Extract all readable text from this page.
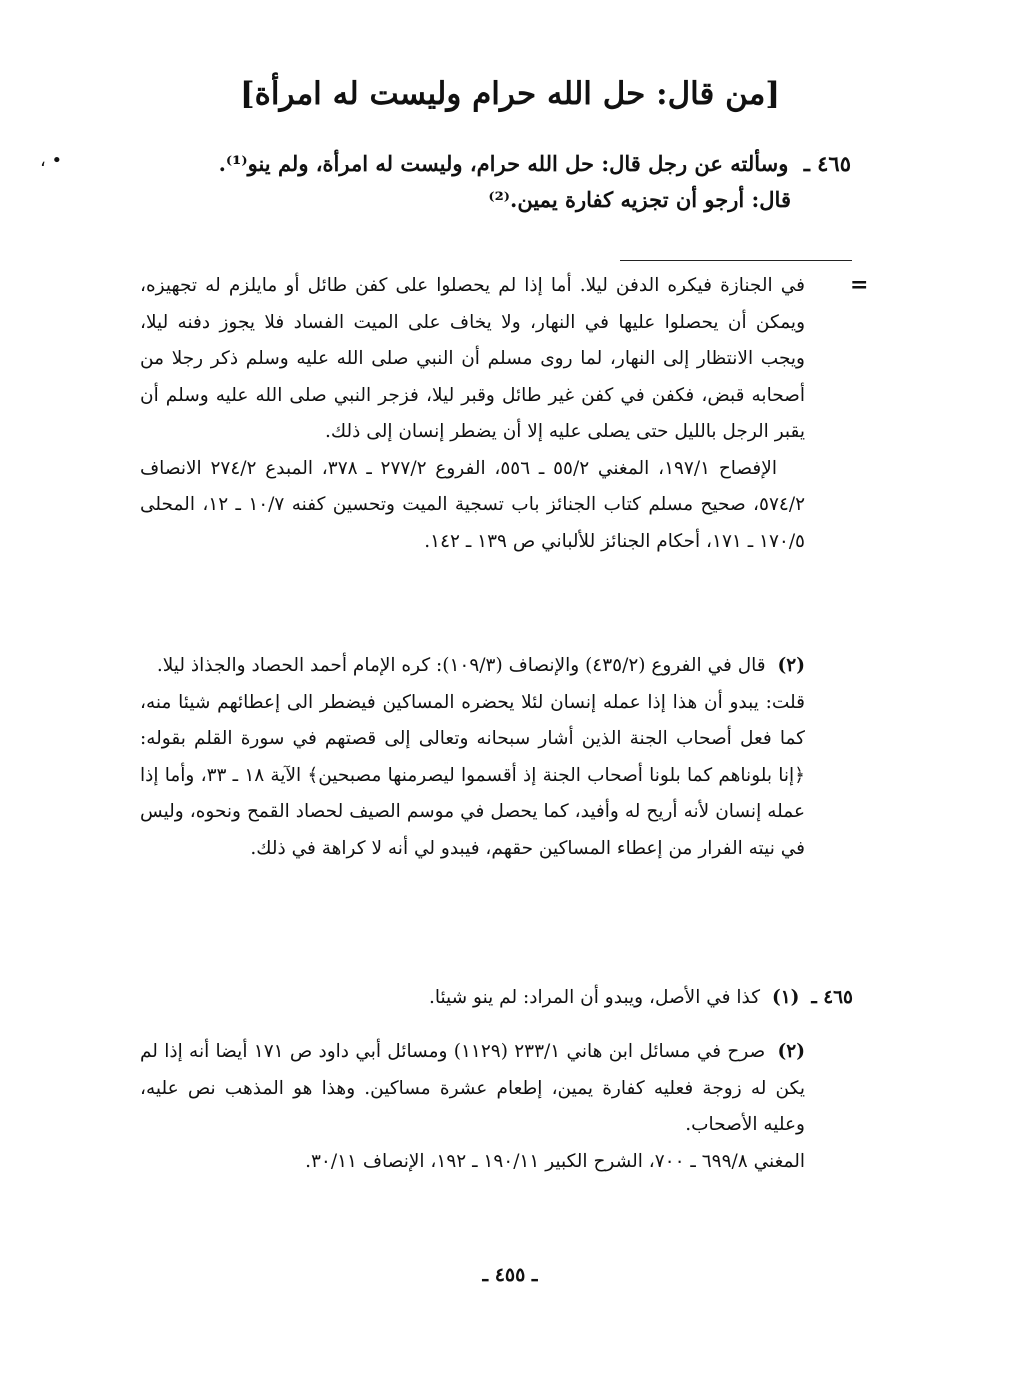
• ،
[من قال: حل الله حرام وليست له امرأة]
٤٦٥ ـ وسألته عن رجل قال: حل الله حرام، وليست له امرأة، ولم ينو⁽¹⁾.
قال: أرجو أن تجزيه كفارة يمين.⁽²⁾
=

في الجنازة فيكره الدفن ليلا. أما إذا لم يحصلوا على كفن طائل أو مايلزم له تجهيزه، ويمكن أن يحصلوا عليها في النهار، ولا يخاف على الميت الفساد فلا يجوز دفنه ليلا، ويجب الانتظار إلى النهار، لما روى مسلم أن النبي صلى الله عليه وسلم ذكر رجلا من أصحابه قبض، فكفن في كفن غير طائل وقبر ليلا، فزجر النبي صلى الله عليه وسلم أن يقبر الرجل بالليل حتى يصلى عليه إلا أن يضطر إنسان إلى ذلك.

الإفصاح ١٩٧/١، المغني ٥٥/٢ ـ ٥٥٦، الفروع ٢٧٧/٢ ـ ٣٧٨، المبدع ٢٧٤/٢ الانصاف ٥٧٤/٢، صحيح مسلم كتاب الجنائز باب تسجية الميت وتحسين كفنه ١٠/٧ ـ ١٢، المحلى ١٧٠/٥ ـ ١٧١، أحكام الجنائز للألباني ص ١٣٩ ـ ١٤٢.

(٢) قال في الفروع (٤٣٥/٢) والإنصاف (١٠٩/٣): كره الإمام أحمد الحصاد والجذاذ ليلا.

قلت: يبدو أن هذا إذا عمله إنسان لئلا يحضره المساكين فيضطر الى إعطائهم شيئا منه، كما فعل أصحاب الجنة الذين أشار سبحانه وتعالى إلى قصتهم في سورة القلم بقوله: ﴿إنا بلوناهم كما بلونا أصحاب الجنة إذ أقسموا ليصرمنها مصبحين﴾ الآية ١٨ ـ ٣٣، وأما إذا عمله إنسان لأنه أريح له وأفيد، كما يحصل في موسم الصيف لحصاد القمح ونحوه، وليس في نيته الفرار من إعطاء المساكين حقهم، فيبدو لي أنه لا كراهة في ذلك.

٤٦٥ ـ (١) كذا في الأصل، ويبدو أن المراد: لم ينو شيئا.

(٢) صرح في مسائل ابن هاني ٢٣٣/١ (١١٢٩) ومسائل أبي داود ص ١٧١ أيضا أنه إذا لم يكن له زوجة فعليه كفارة يمين، إطعام عشرة مساكين. وهذا هو المذهب نص عليه، وعليه الأصحاب.

المغني ٦٩٩/٨ ـ ٧٠٠، الشرح الكبير ١٩٠/١١ ـ ١٩٢، الإنصاف ٣٠/١١.

ـ ٤٥٥ ـ
